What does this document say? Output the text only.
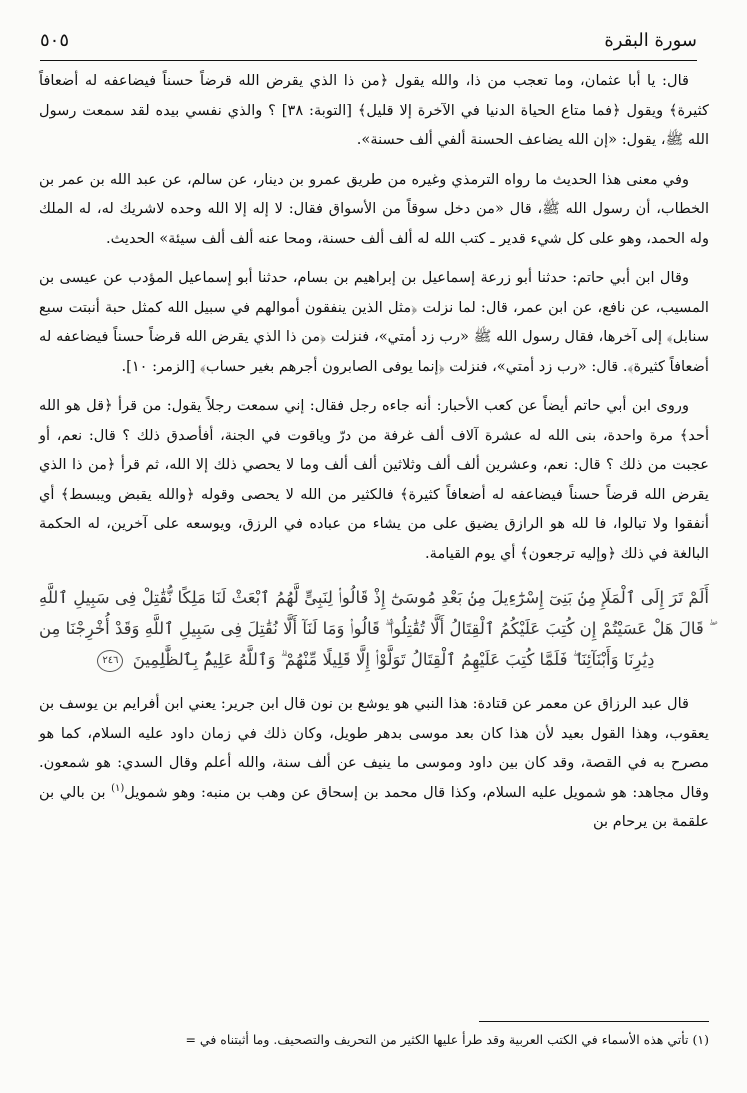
سورة البقرة
٥٠٥

قال: يا أبا عثمان، وما تعجب من ذا، والله يقول ﴿من ذا الذي يقرض الله قرضاً حسناً فيضاعفه له أضعافاً كثيرة﴾ ويقول ﴿فما متاع الحياة الدنيا في الآخرة إلا قليل﴾ [التوبة: ٣٨] ؟ والذي نفسي بيده لقد سمعت رسول الله ﷺ، يقول: «إن الله يضاعف الحسنة ألفي ألف حسنة».

وفي معنى هذا الحديث ما رواه الترمذي وغيره من طريق عمرو بن دينار، عن سالم، عن عبد الله بن عمر بن الخطاب، أن رسول الله ﷺ، قال «من دخل سوقاً من الأسواق فقال: لا إله إلا الله وحده لاشريك له، له الملك وله الحمد، وهو على كل شيء قدير ـ كتب الله له ألف ألف حسنة، ومحا عنه ألف ألف سيئة» الحديث.

وقال ابن أبي حاتم: حدثنا أبو زرعة إسماعيل بن إبراهيم بن بسام، حدثنا أبو إسماعيل المؤدب عن عيسى بن المسيب، عن نافع، عن ابن عمر، قال: لما نزلت ﴿مثل الذين ينفقون أموالهم في سبيل الله كمثل حبة أنبتت سبع سنابل﴾ إلى آخرها، فقال رسول الله ﷺ «رب زد أمتي»، فنزلت ﴿من ذا الذي يقرض الله قرضاً حسناً فيضاعفه له أضعافاً كثيرة﴾. قال: «رب زد أمتي»، فنزلت ﴿إنما يوفى الصابرون أجرهم بغير حساب﴾ [الزمر: ١٠].

وروى ابن أبي حاتم أيضاً عن كعب الأحبار: أنه جاءه رجل فقال: إني سمعت رجلاً يقول: من قرأ ﴿قل هو الله أحد﴾ مرة واحدة، بنى الله له عشرة آلاف ألف غرفة من درّ وياقوت في الجنة، أفأصدق ذلك ؟ قال: نعم، أو عجبت من ذلك ؟ قال: نعم، وعشرين ألف ألف وثلاثين ألف ألف وما لا يحصي ذلك إلا الله، ثم قرأ ﴿من ذا الذي يقرض الله قرضاً حسناً فيضاعفه له أضعافاً كثيرة﴾ فالكثير من الله لا يحصى وقوله ﴿والله يقبض ويبسط﴾ أي أنفقوا ولا تبالوا، فا لله هو الرازق يضيق على من يشاء من عباده في الرزق، ويوسعه على آخرين، له الحكمة البالغة في ذلك ﴿وإليه ترجعون﴾ أي يوم القيامة.

أَلَمْ تَرَ إِلَى ٱلْمَلَإِ مِنۢ بَنِىٓ إِسْرَٰٓءِيلَ مِنۢ بَعْدِ مُوسَىٰٓ إِذْ قَالُوا۟ لِنَبِىٍّ لَّهُمُ ٱبْعَثْ لَنَا مَلِكًا نُّقَٰتِلْ فِى سَبِيلِ ٱللَّهِ ۖ قَالَ هَلْ عَسَيْتُمْ إِن كُتِبَ عَلَيْكُمُ ٱلْقِتَالُ أَلَّا تُقَٰتِلُوا۟ ۖ قَالُوا۟ وَمَا لَنَآ أَلَّا نُقَٰتِلَ فِى سَبِيلِ ٱللَّهِ وَقَدْ أُخْرِجْنَا مِن دِيَٰرِنَا وَأَبْنَآئِنَا ۖ فَلَمَّا كُتِبَ عَلَيْهِمُ ٱلْقِتَالُ تَوَلَّوْا۟ إِلَّا قَلِيلًا مِّنْهُمْ ۗ وَٱللَّهُ عَلِيمٌۢ بِٱلظَّٰلِمِينَ ٢٤٦

قال عبد الرزاق عن معمر عن قتادة: هذا النبي هو يوشع بن نون قال ابن جرير: يعني ابن أفرايم بن يوسف بن يعقوب، وهذا القول بعيد لأن هذا كان بعد موسى بدهر طويل، وكان ذلك في زمان داود عليه السلام، كما هو مصرح به في القصة، وقد كان بين داود وموسى ما ينيف عن ألف سنة، والله أعلم وقال السدي: هو شمعون. وقال مجاهد: هو شمويل عليه السلام، وكذا قال محمد بن إسحاق عن وهب بن منبه: وهو شمويل$^{(١)}$ بن بالي بن علقمة بن يرحام بن

(١) تأتي هذه الأسماء في الكتب العربية وقد طرأ عليها الكثير من التحريف والتصحيف. وما أثبتناه في =
